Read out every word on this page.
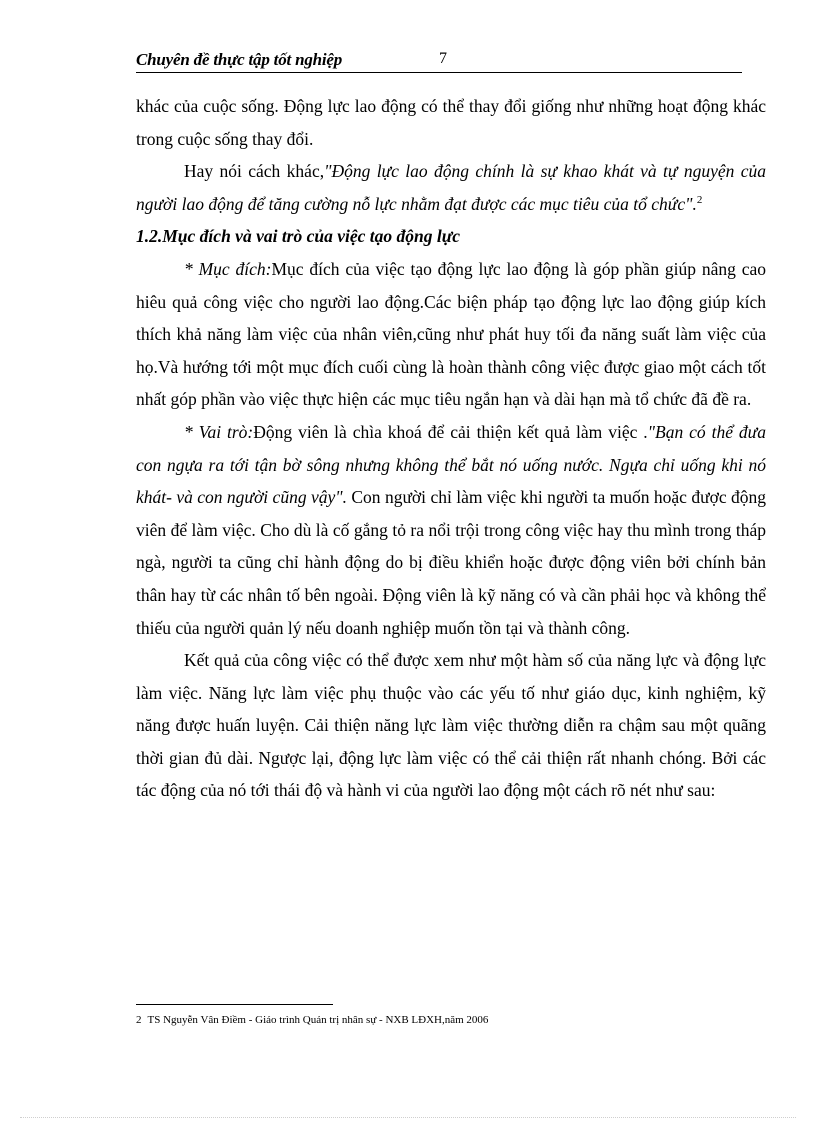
Chuyên đề thực tập tốt nghiệp	7

khác của cuộc sống. Động lực lao động có thể thay đổi giống như những hoạt động khác trong cuộc sống thay đổi.

Hay nói cách khác,"Động lực lao động chính là sự khao khát và tự nguyện của người lao động để tăng cường nỗ lực nhằm đạt được các mục tiêu của tổ chức".$^2$

1.2.Mục đích và vai trò của việc tạo động lực

* Mục đích:Mục đích của việc tạo động lực lao động là góp phần giúp nâng cao hiêu quả công việc cho người lao động.Các biện pháp tạo động lực lao động giúp kích thích khả năng làm việc của nhân viên,cũng như phát huy tối đa năng suất làm việc của họ.Và hướng tới một mục đích cuối cùng là hoàn thành công việc được giao một cách tốt nhất góp phần vào việc thực hiện các mục tiêu ngắn hạn và dài hạn mà tổ chức đã đề ra.

* Vai trò:Động viên là chìa khoá để cải thiện kết quả làm việc ."Bạn có thể đưa con ngựa ra tới tận bờ sông nhưng không thể bắt nó uống nước. Ngựa chỉ uống khi nó khát- và con người cũng vậy". Con người chỉ làm việc khi người ta muốn hoặc được động viên để làm việc. Cho dù là cố gắng tỏ ra nổi trội trong công việc hay thu mình trong tháp ngà, người ta cũng chỉ hành động do bị điều khiển hoặc được động viên bởi chính bản thân hay từ các nhân tố bên ngoài. Động viên là kỹ năng có và cần phải học và không thể thiếu của người quản lý nếu doanh nghiệp muốn tồn tại và thành công.

Kết quả của công việc có thể được xem như một hàm số của năng lực và động lực làm việc. Năng lực làm việc phụ thuộc vào các yếu tố như giáo dục, kinh nghiệm, kỹ năng được huấn luyện. Cải thiện năng lực làm việc thường diễn ra chậm sau một quãng thời gian đủ dài. Ngược lại, động lực làm việc có thể cải thiện rất nhanh chóng. Bởi các tác động của nó tới thái độ và hành vi của người lao động một cách rõ nét như sau:

2 TS Nguyễn Vân Điềm - Giáo trình Quản trị nhân sự - NXB LĐXH,năm 2006
